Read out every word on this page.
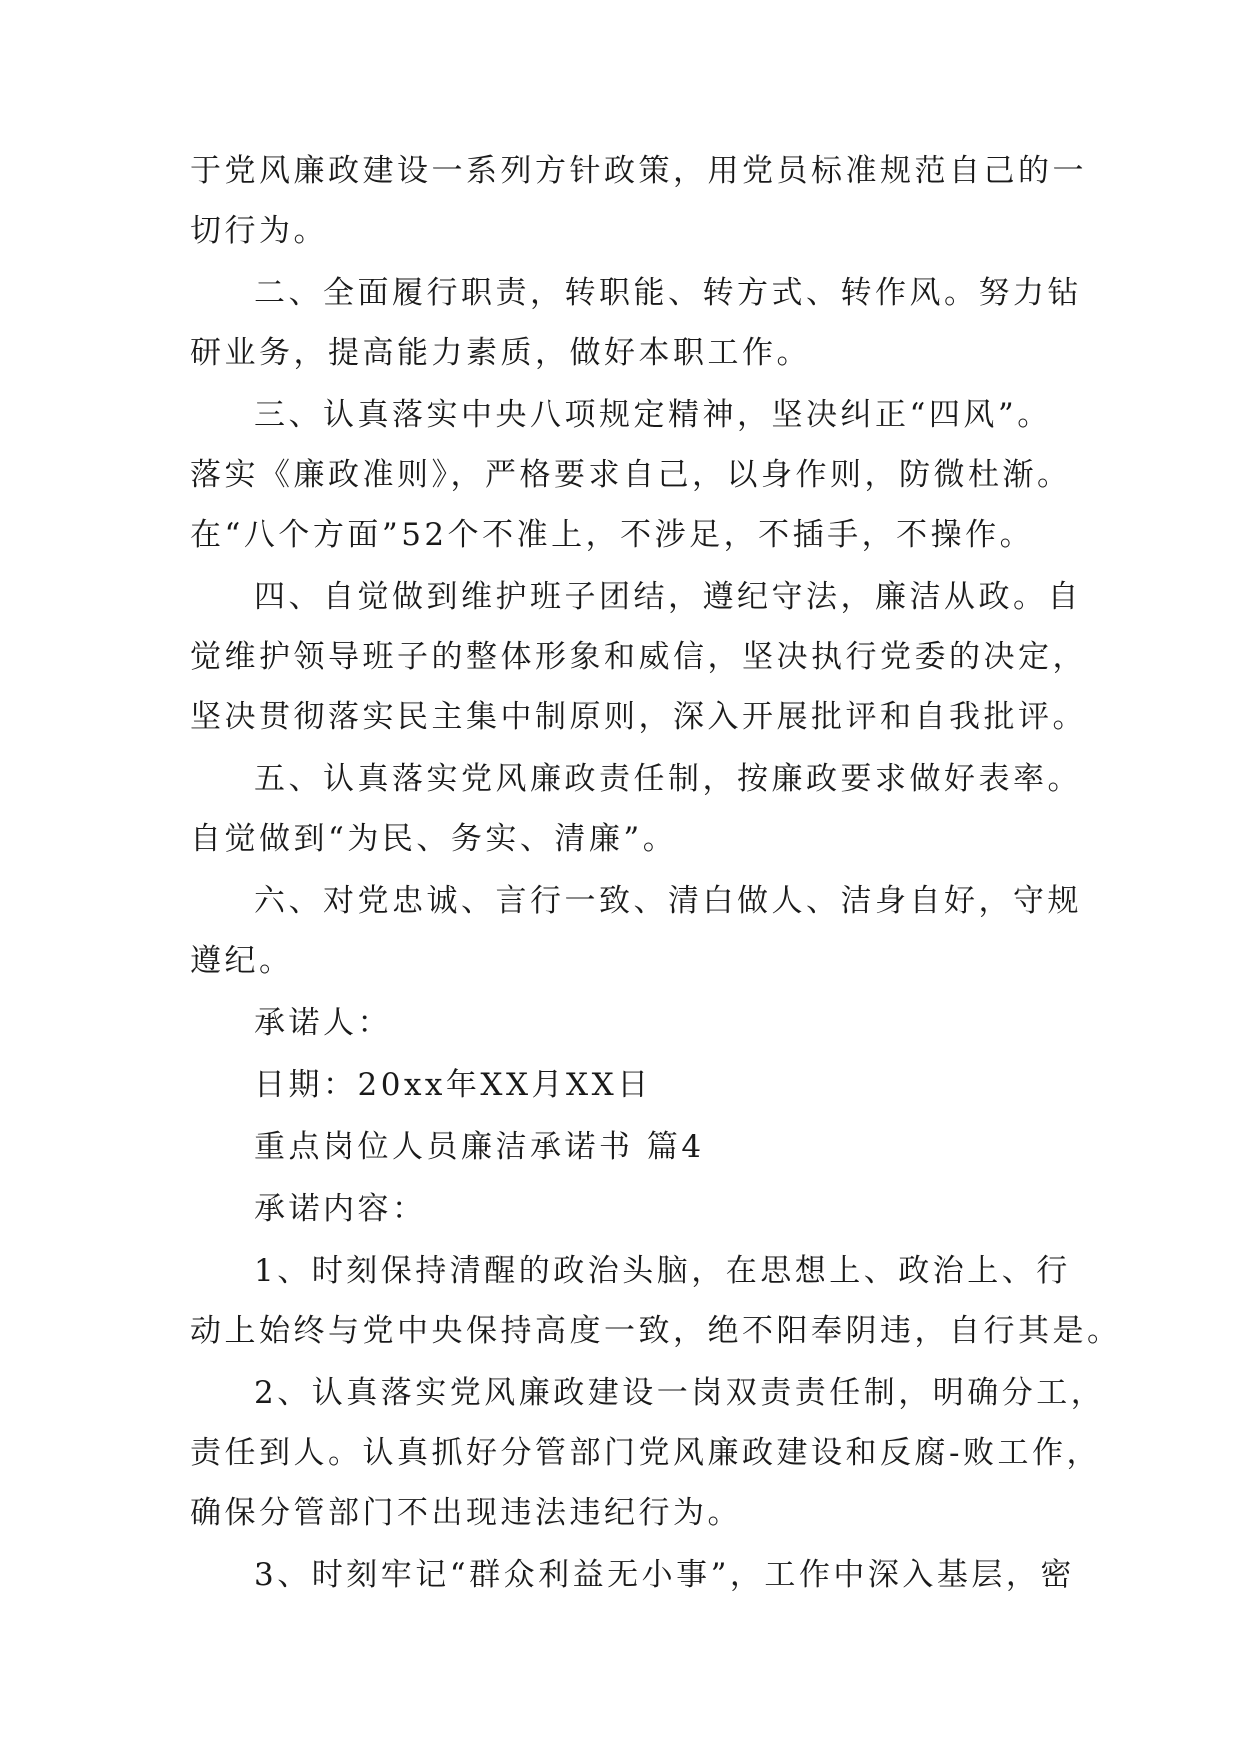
于党风廉政建设一系列方针政策，用党员标准规范自己的一

切行为。

二、全面履行职责，转职能、转方式、转作风。努力钻

研业务，提高能力素质，做好本职工作。

三、认真落实中央八项规定精神，坚决纠正“四风”。

落实《廉政准则》，严格要求自己，以身作则，防微杜渐。

在“八个方面”52个不准上，不涉足，不插手，不操作。

四、自觉做到维护班子团结，遵纪守法，廉洁从政。自

觉维护领导班子的整体形象和威信，坚决执行党委的决定，

坚决贯彻落实民主集中制原则，深入开展批评和自我批评。

五、认真落实党风廉政责任制，按廉政要求做好表率。

自觉做到“为民、务实、清廉”。

六、对党忠诚、言行一致、清白做人、洁身自好，守规

遵纪。

承诺人：

日期：20xx年XX月XX日

重点岗位人员廉洁承诺书 篇4

承诺内容：

1、时刻保持清醒的政治头脑，在思想上、政治上、行

动上始终与党中央保持高度一致，绝不阳奉阴违，自行其是。

2、认真落实党风廉政建设一岗双责责任制，明确分工，

责任到人。认真抓好分管部门党风廉政建设和反腐-败工作，

确保分管部门不出现违法违纪行为。

3、时刻牢记“群众利益无小事”，工作中深入基层，密
